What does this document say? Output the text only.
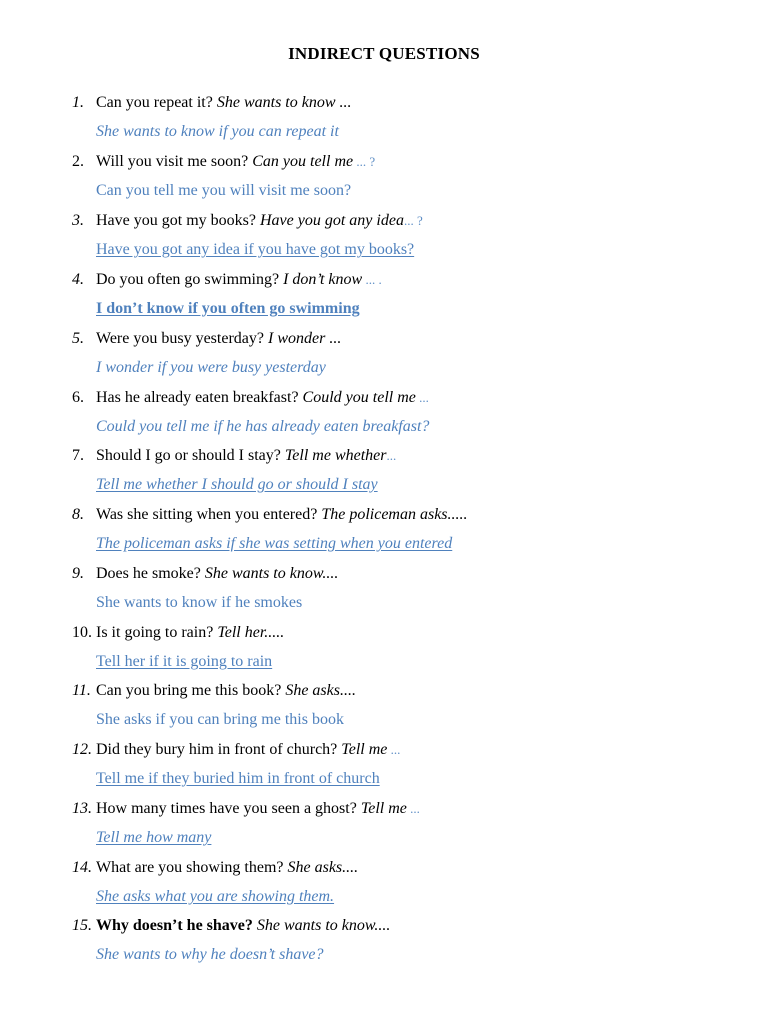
INDIRECT QUESTIONS
1. Can you repeat it? She wants to know ...
She wants to know if you can repeat it
2. Will you visit me soon? Can you tell me ... ?
Can you tell me you will visit me soon?
3. Have you got my books? Have you got any idea... ?
Have you got any idea if you have got my books?
4. Do you often go swimming? I don’t know ... .
I don’t know if you often go swimming
5. Were you busy yesterday? I wonder ...
I wonder if you were busy yesterday
6. Has he already eaten breakfast? Could you tell me ...
Could you tell me if he has already eaten breakfast?
7. Should I go or should I stay? Tell me whether...
Tell me whether I should go or should I stay
8. Was she sitting when you entered? The policeman asks.....
The policeman asks if she was setting when you entered
9. Does he smoke? She wants to know....
She wants to know if he smokes
10. Is it going to rain? Tell her.....
Tell her if it is going to rain
11. Can you bring me this book? She asks....
She asks if you can bring me this book
12. Did they bury him in front of church? Tell me ...
Tell me if they buried him in front of church
13. How many times have you seen a ghost? Tell me ...
Tell me how many
14. What are you showing them? She asks....
She asks what you are showing them.
15. Why doesn’t he shave? She wants to know....
She wants to why he doesn’t shave?
